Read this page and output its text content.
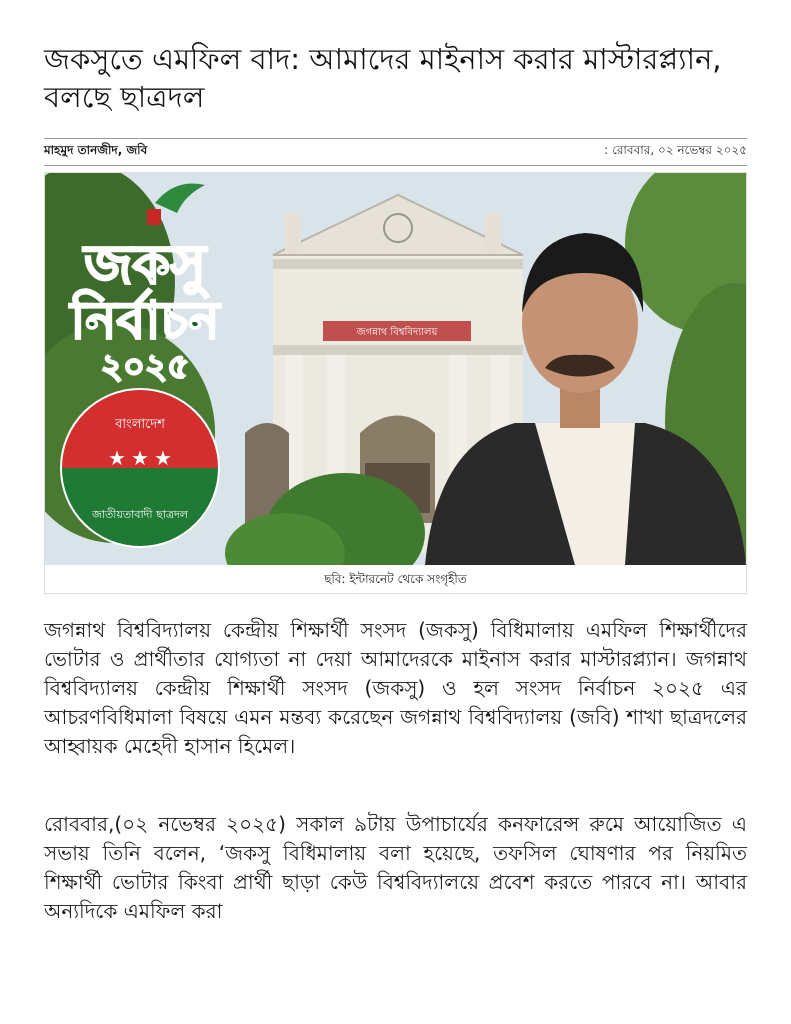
জকসুতে এমফিল বাদ: আমাদের মাইনাস করার মাস্টারপ্ল্যান, বলছে ছাত্রদল
মাহমুদ তানজীদ, জবি	: রোববার, ০২ নভেম্বর ২০২৫
জগন্নাথ বিশ্ববিদ্যালয়
জকসু
নির্বাচন
২০২৫
বাংলাদেশ
★ ★ ★
জাতীয়তাবাদী ছাত্রদল
ছবি: ইন্টারনেট থেকে সংগৃহীত

জগন্নাথ বিশ্ববিদ্যালয় কেন্দ্রীয় শিক্ষার্থী সংসদ (জকসু) বিধিমালায় এমফিল শিক্ষার্থীদের ভোটার ও প্রার্থীতার যোগ্যতা না দেয়া আমাদেরকে মাইনাস করার মাস্টারপ্ল্যান। জগন্নাথ বিশ্ববিদ্যালয় কেন্দ্রীয় শিক্ষার্থী সংসদ (জকসু) ও হল সংসদ নির্বাচন ২০২৫ এর আচরণবিধিমালা বিষয়ে এমন মন্তব্য করেছেন জগন্নাথ বিশ্ববিদ্যালয় (জবি) শাখা ছাত্রদলের আহ্বায়ক মেহেদী হাসান হিমেল।

রোববার,(০২ নভেম্বর ২০২৫) সকাল ৯টায় উপাচার্যের কনফারেন্স রুমে আয়োজিত এ সভায় তিনি বলেন, ‘জকসু বিধিমালায় বলা হয়েছে, তফসিল ঘোষণার পর নিয়মিত শিক্ষার্থী ভোটার কিংবা প্রার্থী ছাড়া কেউ বিশ্ববিদ্যালয়ে প্রবেশ করতে পারবে না। আবার অন্যদিকে এমফিল করা
